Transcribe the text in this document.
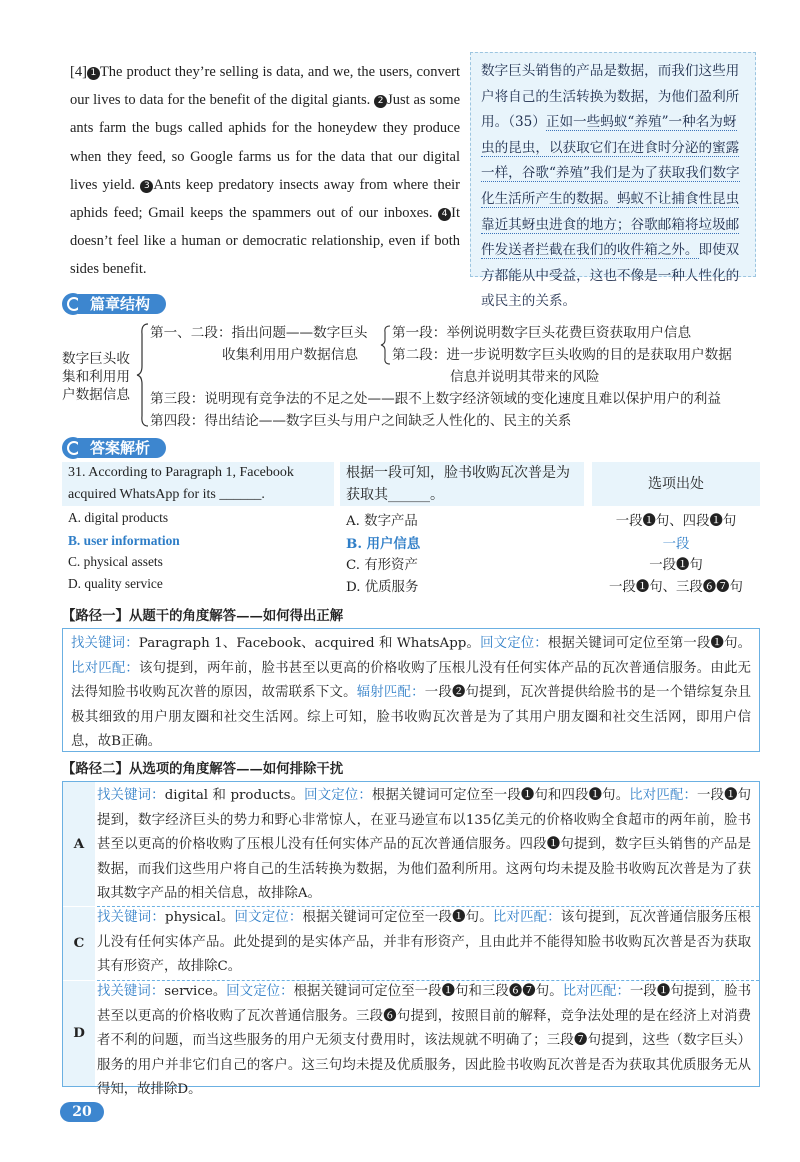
[4] 1 The product they’re selling is data, and we, the users, convert our lives to data for the benefit of the digital giants. 2 Just as some ants farm the bugs called aphids for the honeydew they produce when they feed, so Google farms us for the data that our digital lives yield. 3 Ants keep predatory insects away from where their aphids feed; Gmail keeps the spammers out of our inboxes. 4 It doesn’t feel like a human or democratic relationship, even if both sides benefit.
数字巨头销售的产品是数据，而我们这些用户将自己的生活转换为数据，为他们盈利所用。（35）正如一些蚂蚁“养殖”一种名为蚜虫的昆虫，以获取它们在进食时分泌的蜜露一样，谷歌“养殖”我们是为了获取我们数字化生活所产生的数据。蚂蚁不让捕食性昆虫靠近其蚜虫进食的地方；谷歌邮箱将垃圾邮件发送者拦截在我们的收件箱之外。即使双方都能从中受益，这也不像是一种人性化的或民主的关系。
篇章结构
数字巨头收集和利用用户数据信息
第一、二段：指出问题——数字巨头
收集利用用户数据信息
第一段：举例说明数字巨头花费巨资获取用户信息
第二段：进一步说明数字巨头收购的目的是获取用户数据
信息并说明其带来的风险
第三段：说明现有竞争法的不足之处——跟不上数字经济领域的变化速度且难以保护用户的利益
第四段：得出结论——数字巨头与用户之间缺乏人性化的、民主的关系
答案解析
31. According to Paragraph 1, Facebook
acquired WhatsApp for its ______.
根据一段可知，脸书收购瓦次普是为
获取其______。
选项出处
A. digital products	A. 数字产品	一段❶句、四段❶句
B. user information	B. 用户信息	一段
C. physical assets	C. 有形资产	一段❶句
D. quality service	D. 优质服务	一段❶句、三段❻❼句
【路径一】从题干的角度解答——如何得出正解
找关键词：Paragraph 1、Facebook、acquired 和 WhatsApp。回文定位：根据关键词可定位至第一段❶句。比对匹配：该句提到，两年前，脸书甚至以更高的价格收购了压根儿没有任何实体产品的瓦次普通信服务。由此无法得知脸书收购瓦次普的原因，故需联系下文。辐射匹配：一段❷句提到，瓦次普提供给脸书的是一个错综复杂且极其细致的用户朋友圈和社交生活网。综上可知，脸书收购瓦次普是为了其用户朋友圈和社交生活网，即用户信息，故B正确。
【路径二】从选项的角度解答——如何排除干扰
A
找关键词：digital 和 products。回文定位：根据关键词可定位至一段❶句和四段❶句。比对匹配：一段❶句提到，数字经济巨头的势力和野心非常惊人，在亚马逊宣布以135亿美元的价格收购全食超市的两年前，脸书甚至以更高的价格收购了压根儿没有任何实体产品的瓦次普通信服务。四段❶句提到，数字巨头销售的产品是数据，而我们这些用户将自己的生活转换为数据，为他们盈利所用。这两句均未提及脸书收购瓦次普是为了获取其数字产品的相关信息，故排除A。
C
找关键词：physical。回文定位：根据关键词可定位至一段❶句。比对匹配：该句提到，瓦次普通信服务压根儿没有任何实体产品。此处提到的是实体产品，并非有形资产，且由此并不能得知脸书收购瓦次普是否为获取其有形资产，故排除C。
D
找关键词：service。回文定位：根据关键词可定位至一段❶句和三段❻❼句。比对匹配：一段❶句提到，脸书甚至以更高的价格收购了瓦次普通信服务。三段❻句提到，按照目前的解释，竞争法处理的是在经济上对消费者不利的问题，而当这些服务的用户无须支付费用时，该法规就不明确了；三段❼句提到，这些（数字巨头）服务的用户并非它们自己的客户。这三句均未提及优质服务，因此脸书收购瓦次普是否为获取其优质服务无从得知，故排除D。
20
